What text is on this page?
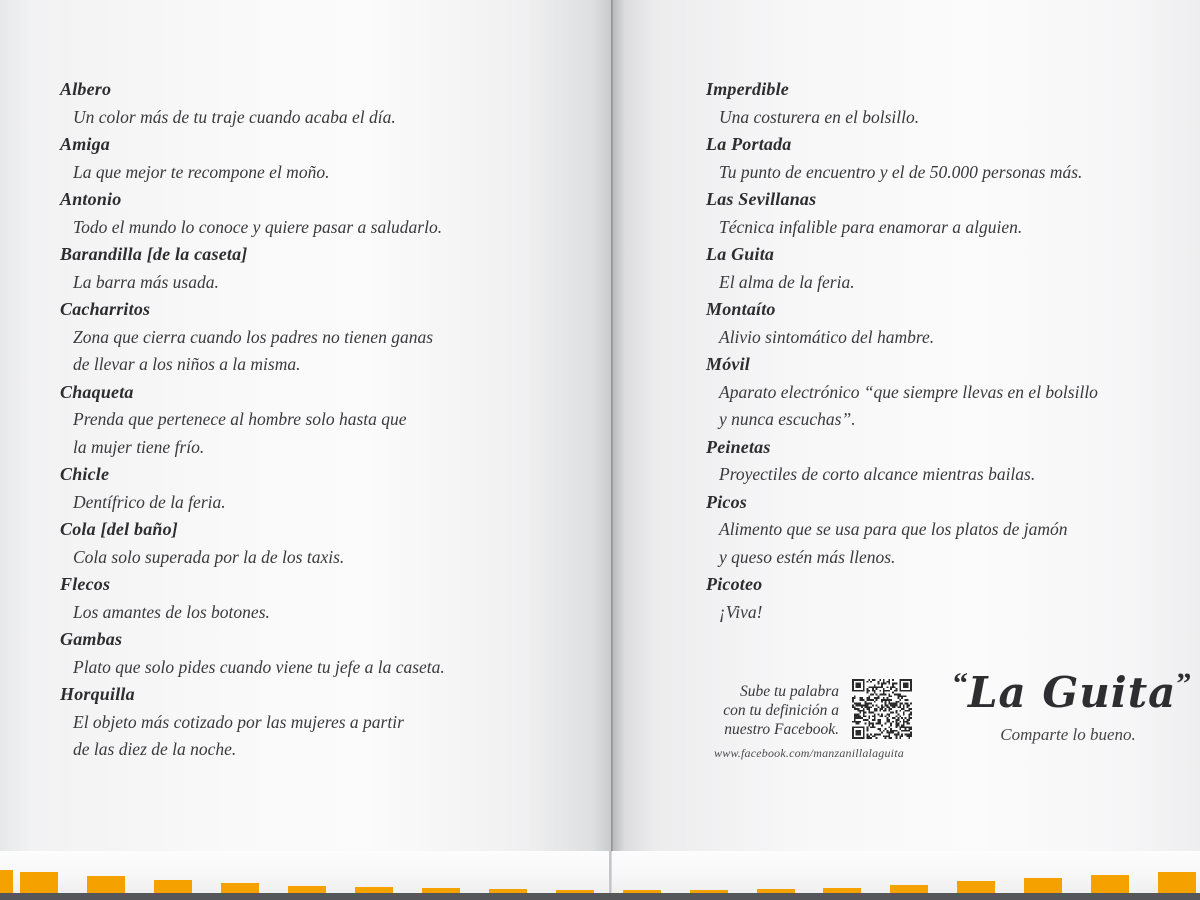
Albero
Un color más de tu traje cuando acaba el día.
Amiga
La que mejor te recompone el moño.
Antonio
Todo el mundo lo conoce y quiere pasar a saludarlo.
Barandilla [de la caseta]
La barra más usada.
Cacharritos
Zona que cierra cuando los padres no tienen ganas
de llevar a los niños a la misma.
Chaqueta
Prenda que pertenece al hombre solo hasta que
la mujer tiene frío.
Chicle
Dentífrico de la feria.
Cola [del baño]
Cola solo superada por la de los taxis.
Flecos
Los amantes de los botones.
Gambas
Plato que solo pides cuando viene tu jefe a la caseta.
Horquilla
El objeto más cotizado por las mujeres a partir
de las diez de la noche.
Imperdible
Una costurera en el bolsillo.
La Portada
Tu punto de encuentro y el de 50.000 personas más.
Las Sevillanas
Técnica infalible para enamorar a alguien.
La Guita
El alma de la feria.
Montaíto
Alivio sintomático del hambre.
Móvil
Aparato electrónico “que siempre llevas en el bolsillo
y nunca escuchas”.
Peinetas
Proyectiles de corto alcance mientras bailas.
Picos
Alimento que se usa para que los platos de jamón
y queso estén más llenos.
Picoteo
¡Viva!
Sube tu palabra
con tu definición a
nuestro Facebook.
www.facebook.com/manzanillalaguita
“La Guita”
Comparte lo bueno.
